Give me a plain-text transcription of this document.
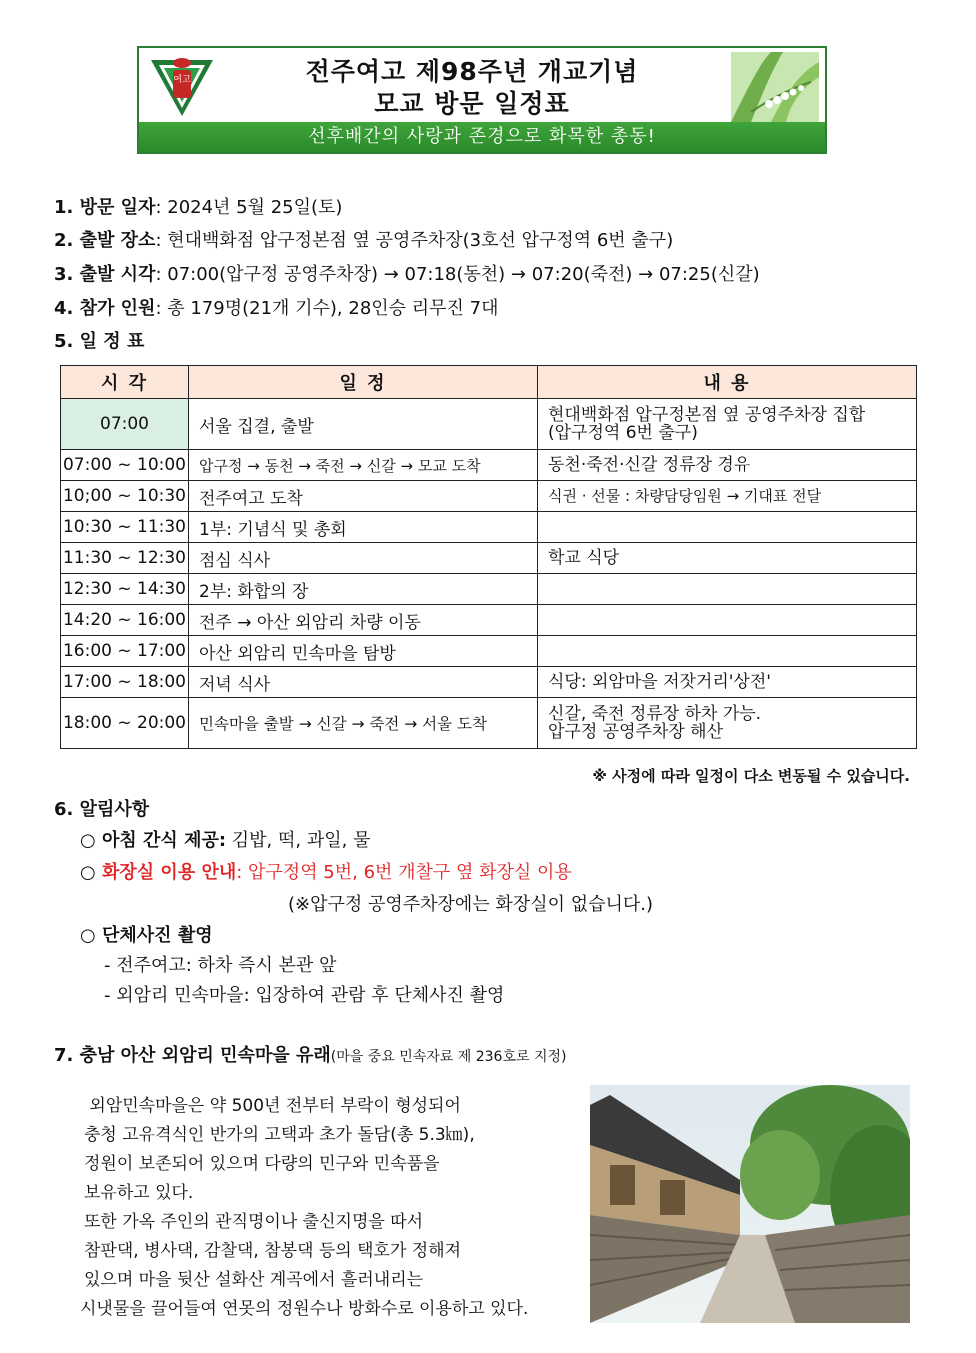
여고	전주여고 제98주년 개교기념
모교 방문 일정표
선후배간의 사랑과 존경으로 화목한 총동!
1. 방문 일자: 2024년 5월 25일(토)
2. 출발 장소: 현대백화점 압구정본점 옆 공영주차장(3호선 압구정역 6번 출구)
3. 출발 시각: 07:00(압구정 공영주차장) → 07:18(동천) → 07:20(죽전) → 07:25(신갈)
4. 참가 인원: 총 179명(21개 기수), 28인승 리무진 7대
5. 일 정 표
시 각	일 정	내 용
07:00	서울 집결, 출발	현대백화점 압구정본점 옆 공영주차장 집합
(압구정역 6번 출구)

07:00 ~ 10:00	압구정 → 동천 → 죽전 → 신갈 → 모교 도착	동천·죽전·신갈 정류장 경유
10;00 ~ 10:30	전주여고 도착	식권 · 선물 : 차량담당임원 → 기대표 전달
10:30 ~ 11:30	1부: 기념식 및 총회	
11:30 ~ 12:30	점심 식사	학교 식당
12:30 ~ 14:30	2부: 화합의 장	
14:20 ~ 16:00	전주 → 아산 외암리 차량 이동	
16:00 ~ 17:00	아산 외암리 민속마을 탐방	
17:00 ~ 18:00	저녁 식사	식당: 외암마을 저잣거리'상전'
18:00 ~ 20:00	민속마을 출발 → 신갈 → 죽전 → 서울 도착	신갈, 죽전 정류장 하차 가능.
압구정 공영주차장 해산
※ 사정에 따라 일정이 다소 변동될 수 있습니다.
6. 알림사항
○ 아침 간식 제공: 김밥, 떡, 과일, 물
○ 화장실 이용 안내: 압구정역 5번, 6번 개찰구 옆 화장실 이용
(※압구정 공영주차장에는 화장실이 없습니다.)
○ 단체사진 촬영
- 전주여고: 하차 즉시 본관 앞
- 외암리 민속마을: 입장하여 관람 후 단체사진 촬영
7. 충남 아산 외암리 민속마을 유래(마을 중요 민속자료 제 236호로 지정)

외암민속마을은 약 500년 전부터 부락이 형성되어

충청 고유격식인 반가의 고택과 초가 돌담(총 5.3㎞),

정원이 보존되어 있으며 다량의 민구와 민속품을

보유하고 있다.

또한 가옥 주인의 관직명이나 출신지명을 따서

참판댁, 병사댁, 감찰댁, 참봉댁 등의 택호가 정해져

있으며 마을 뒷산 설화산 계곡에서 흘러내리는

시냇물을 끌어들여 연못의 정원수나 방화수로 이용하고 있다.
